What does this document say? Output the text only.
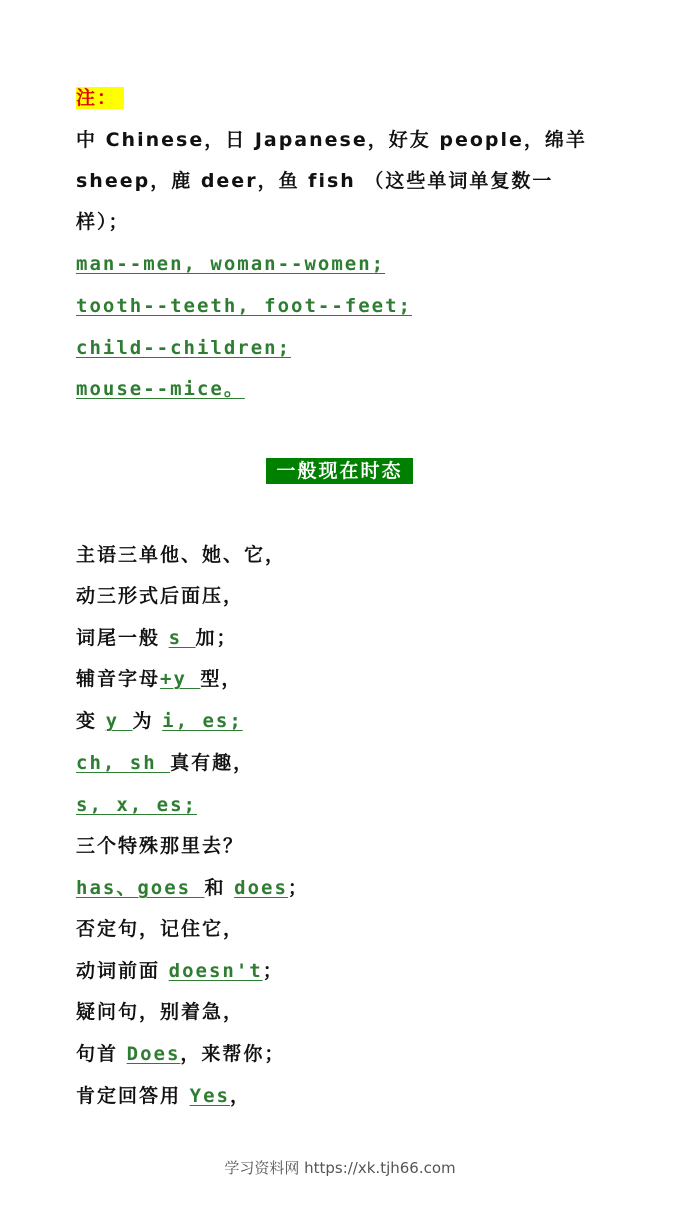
注：
中 Chinese，日 Japanese，好友 people，绵羊
sheep，鹿 deer，鱼 fish （这些单词单复数一
样）；
man--men, woman--women;
tooth--teeth, foot--feet;
child--children;
mouse--mice。
一般现在时态
主语三单他、她、它，
动三形式后面压，
词尾一般 s 加；
辅音字母+y 型，
变 y 为 i, es;
ch, sh 真有趣，
s, x, es;
三个特殊那里去？
has、goes 和 does；
否定句，记住它，
动词前面 doesn't；
疑问句，别着急，
句首 Does，来帮你；
肯定回答用 Yes，
学习资料网 https://xk.tjh66.com
